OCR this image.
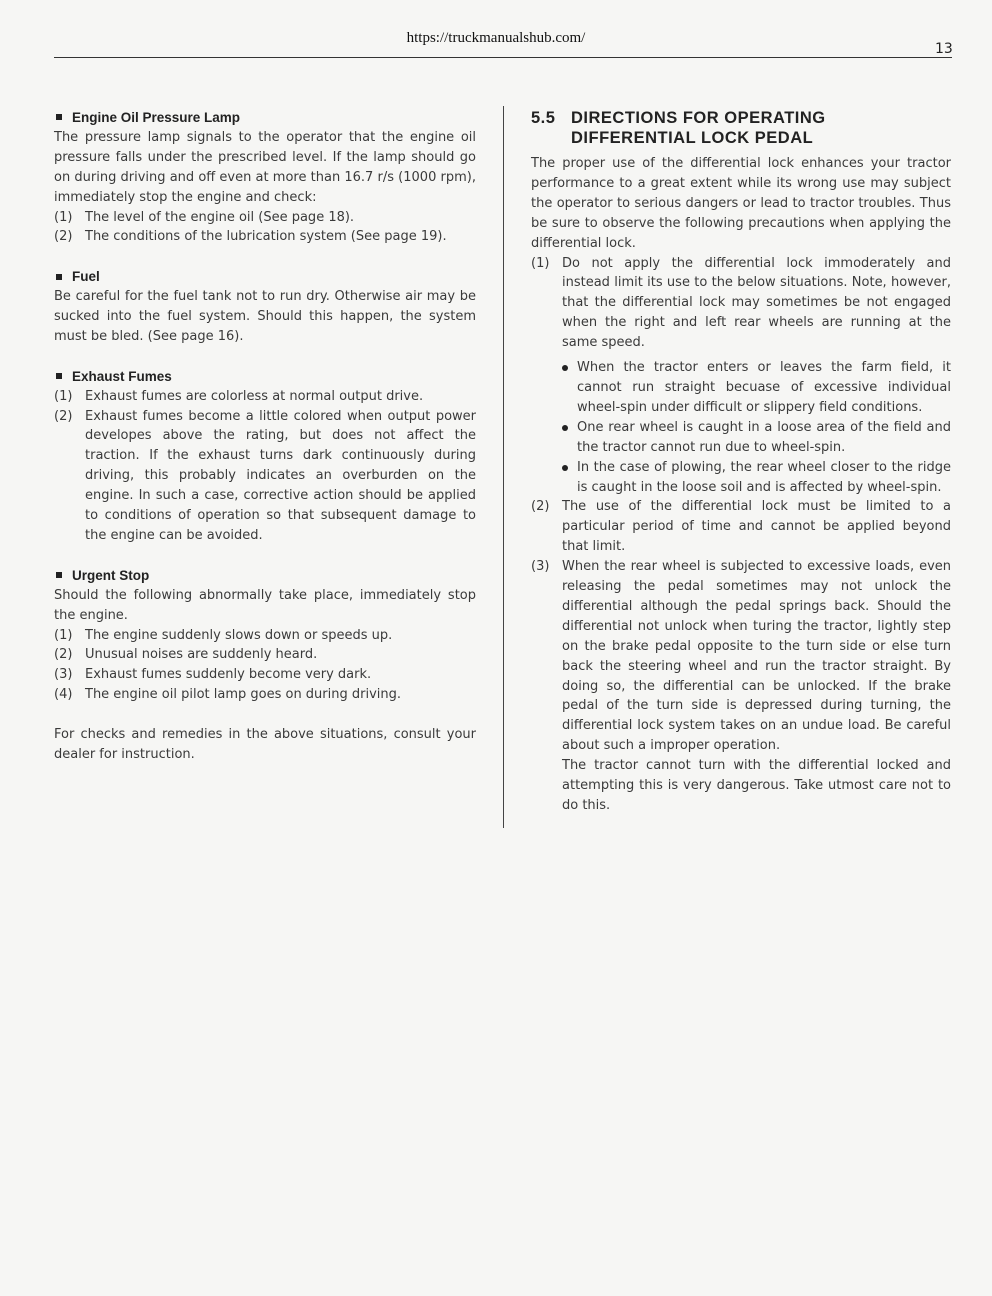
https://truckmanualshub.com/
13
Engine Oil Pressure Lamp

The pressure lamp signals to the operator that the engine oil pressure falls under the prescribed level. If the lamp should go on during driving and off even at more than 16.7 r/s (1000 rpm), immediately stop the engine and check:

(1) The level of the engine oil (See page 18).
(2) The conditions of the lubrication system (See page 19).
Fuel

Be careful for the fuel tank not to run dry. Otherwise air may be sucked into the fuel system. Should this happen, the system must be bled. (See page 16).

Exhaust Fumes
(1) Exhaust fumes are colorless at normal output drive.
(2) Exhaust fumes become a little colored when output power developes above the rating, but does not affect the traction. If the exhaust turns dark continuously during driving, this probably indicates an overburden on the engine. In such a case, corrective action should be applied to conditions of operation so that subsequent damage to the engine can be avoided.
Urgent Stop

Should the following abnormally take place, immediately stop the engine.

(1) The engine suddenly slows down or speeds up.
(2) Unusual noises are suddenly heard.
(3) Exhaust fumes suddenly become very dark.
(4) The engine oil pilot lamp goes on during driving.

For checks and remedies in the above situations, consult your dealer for instruction.

5.5 DIRECTIONS FOR OPERATING
DIFFERENTIAL LOCK PEDAL

The proper use of the differential lock enhances your tractor performance to a great extent while its wrong use may subject the operator to serious dangers or lead to tractor troubles. Thus be sure to observe the following precautions when applying the differential lock.

(1) Do not apply the differential lock immoderately and instead limit its use to the below situations. Note, however, that the differential lock may sometimes be not engaged when the right and left rear wheels are running at the same speed.
When the tractor enters or leaves the farm field, it cannot run straight becuase of excessive individual wheel-spin under difficult or slippery field conditions.
One rear wheel is caught in a loose area of the field and the tractor cannot run due to wheel-spin.
In the case of plowing, the rear wheel closer to the ridge is caught in the loose soil and is affected by wheel-spin.
(2) The use of the differential lock must be limited to a particular period of time and cannot be applied beyond that limit.
(3) When the rear wheel is subjected to excessive loads, even releasing the pedal sometimes may not unlock the differential although the pedal springs back. Should the differential not unlock when turing the tractor, lightly step on the brake pedal opposite to the turn side or else turn back the steering wheel and run the tractor straight. By doing so, the differential can be unlocked. If the brake pedal of the turn side is depressed during turning, the differential lock system takes on an undue load. Be careful about such a improper operation.
The tractor cannot turn with the differential locked and attempting this is very dangerous. Take utmost care not to do this.
